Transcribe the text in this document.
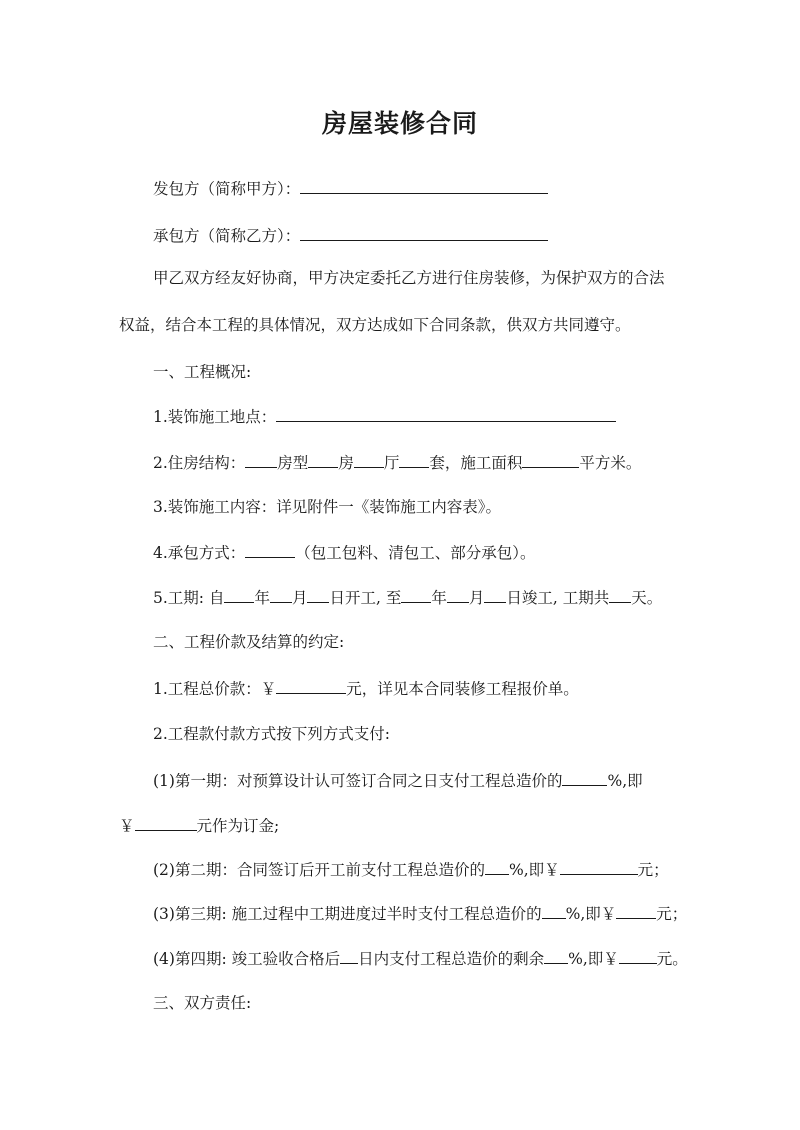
房屋装修合同

发包方（简称甲方）：

承包方（简称乙方）：

甲乙双方经友好协商，甲方决定委托乙方进行住房装修，为保护双方的合法

权益，结合本工程的具体情况，双方达成如下合同条款，供双方共同遵守。

一、工程概况:

1.装饰施工地点：

2.住房结构： 房型 房 厅 套，施工面积	平方米。

3.装饰施工内容：详见附件一《装饰施工内容表》。

4.承包方式：	（包工包料、清包工、部分承包）。

5.工期: 自 年 月 日开工, 至 年 月 日竣工, 工期共 天。

二、工程价款及结算的约定:

1.工程总价款：￥	元，详见本合同装修工程报价单。

2.工程款付款方式按下列方式支付:

(1)第一期：对预算设计认可签订合同之日支付工程总造价的	%,即

￥	元作为订金;

(2)第二期：合同签订后开工前支付工程总造价的 %,即￥	元；

(3)第三期: 施工过程中工期进度过半时支付工程总造价的 %,即￥	元；

(4)第四期: 竣工验收合格后 日内支付工程总造价的剩余 %,即￥ 元。

三、双方责任:
